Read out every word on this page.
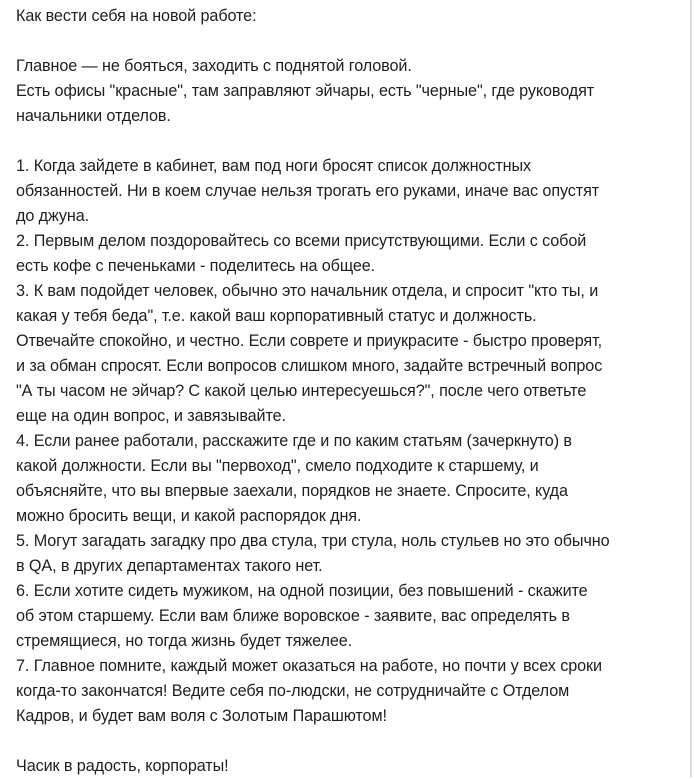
Как вести себя на новой работе:
Главное — не бояться, заходить с поднятой головой.
Есть офисы "красные", там заправляют эйчары, есть "черные", где руководят
начальники отделов.
1. Когда зайдете в кабинет, вам под ноги бросят список должностных
обязанностей. Ни в коем случае нельзя трогать его руками, иначе вас опустят
до джуна.
2. Первым делом поздоровайтесь со всеми присутствующими. Если с собой
есть кофе с печеньками - поделитесь на общее.
3. К вам подойдет человек, обычно это начальник отдела, и спросит "кто ты, и
какая у тебя беда", т.е. какой ваш корпоративный статус и должность.
Отвечайте спокойно, и честно. Если соврете и приукрасите - быстро проверят,
и за обман спросят. Если вопросов слишком много, задайте встречный вопрос
"А ты часом не эйчар? С какой целью интересуешься?", после чего ответьте
еще на один вопрос, и завязывайте.
4. Если ранее работали, расскажите где и по каким статьям (зачеркнуто) в
какой должности. Если вы "первоход", смело подходите к старшему, и
объясняйте, что вы впервые заехали, порядков не знаете. Спросите, куда
можно бросить вещи, и какой распорядок дня.
5. Могут загадать загадку про два стула, три стула, ноль стульев но это обычно
в QA, в других департаментах такого нет.
6. Если хотите сидеть мужиком, на одной позиции, без повышений - скажите
об этом старшему. Если вам ближе воровское - заявите, вас определять в
стремящиеся, но тогда жизнь будет тяжелее.
7. Главное помните, каждый может оказаться на работе, но почти у всех сроки
когда-то закончатся! Ведите себя по-людски, не сотрудничайте с Отделом
Кадров, и будет вам воля с Золотым Парашютом!
Часик в радость, корпораты!
